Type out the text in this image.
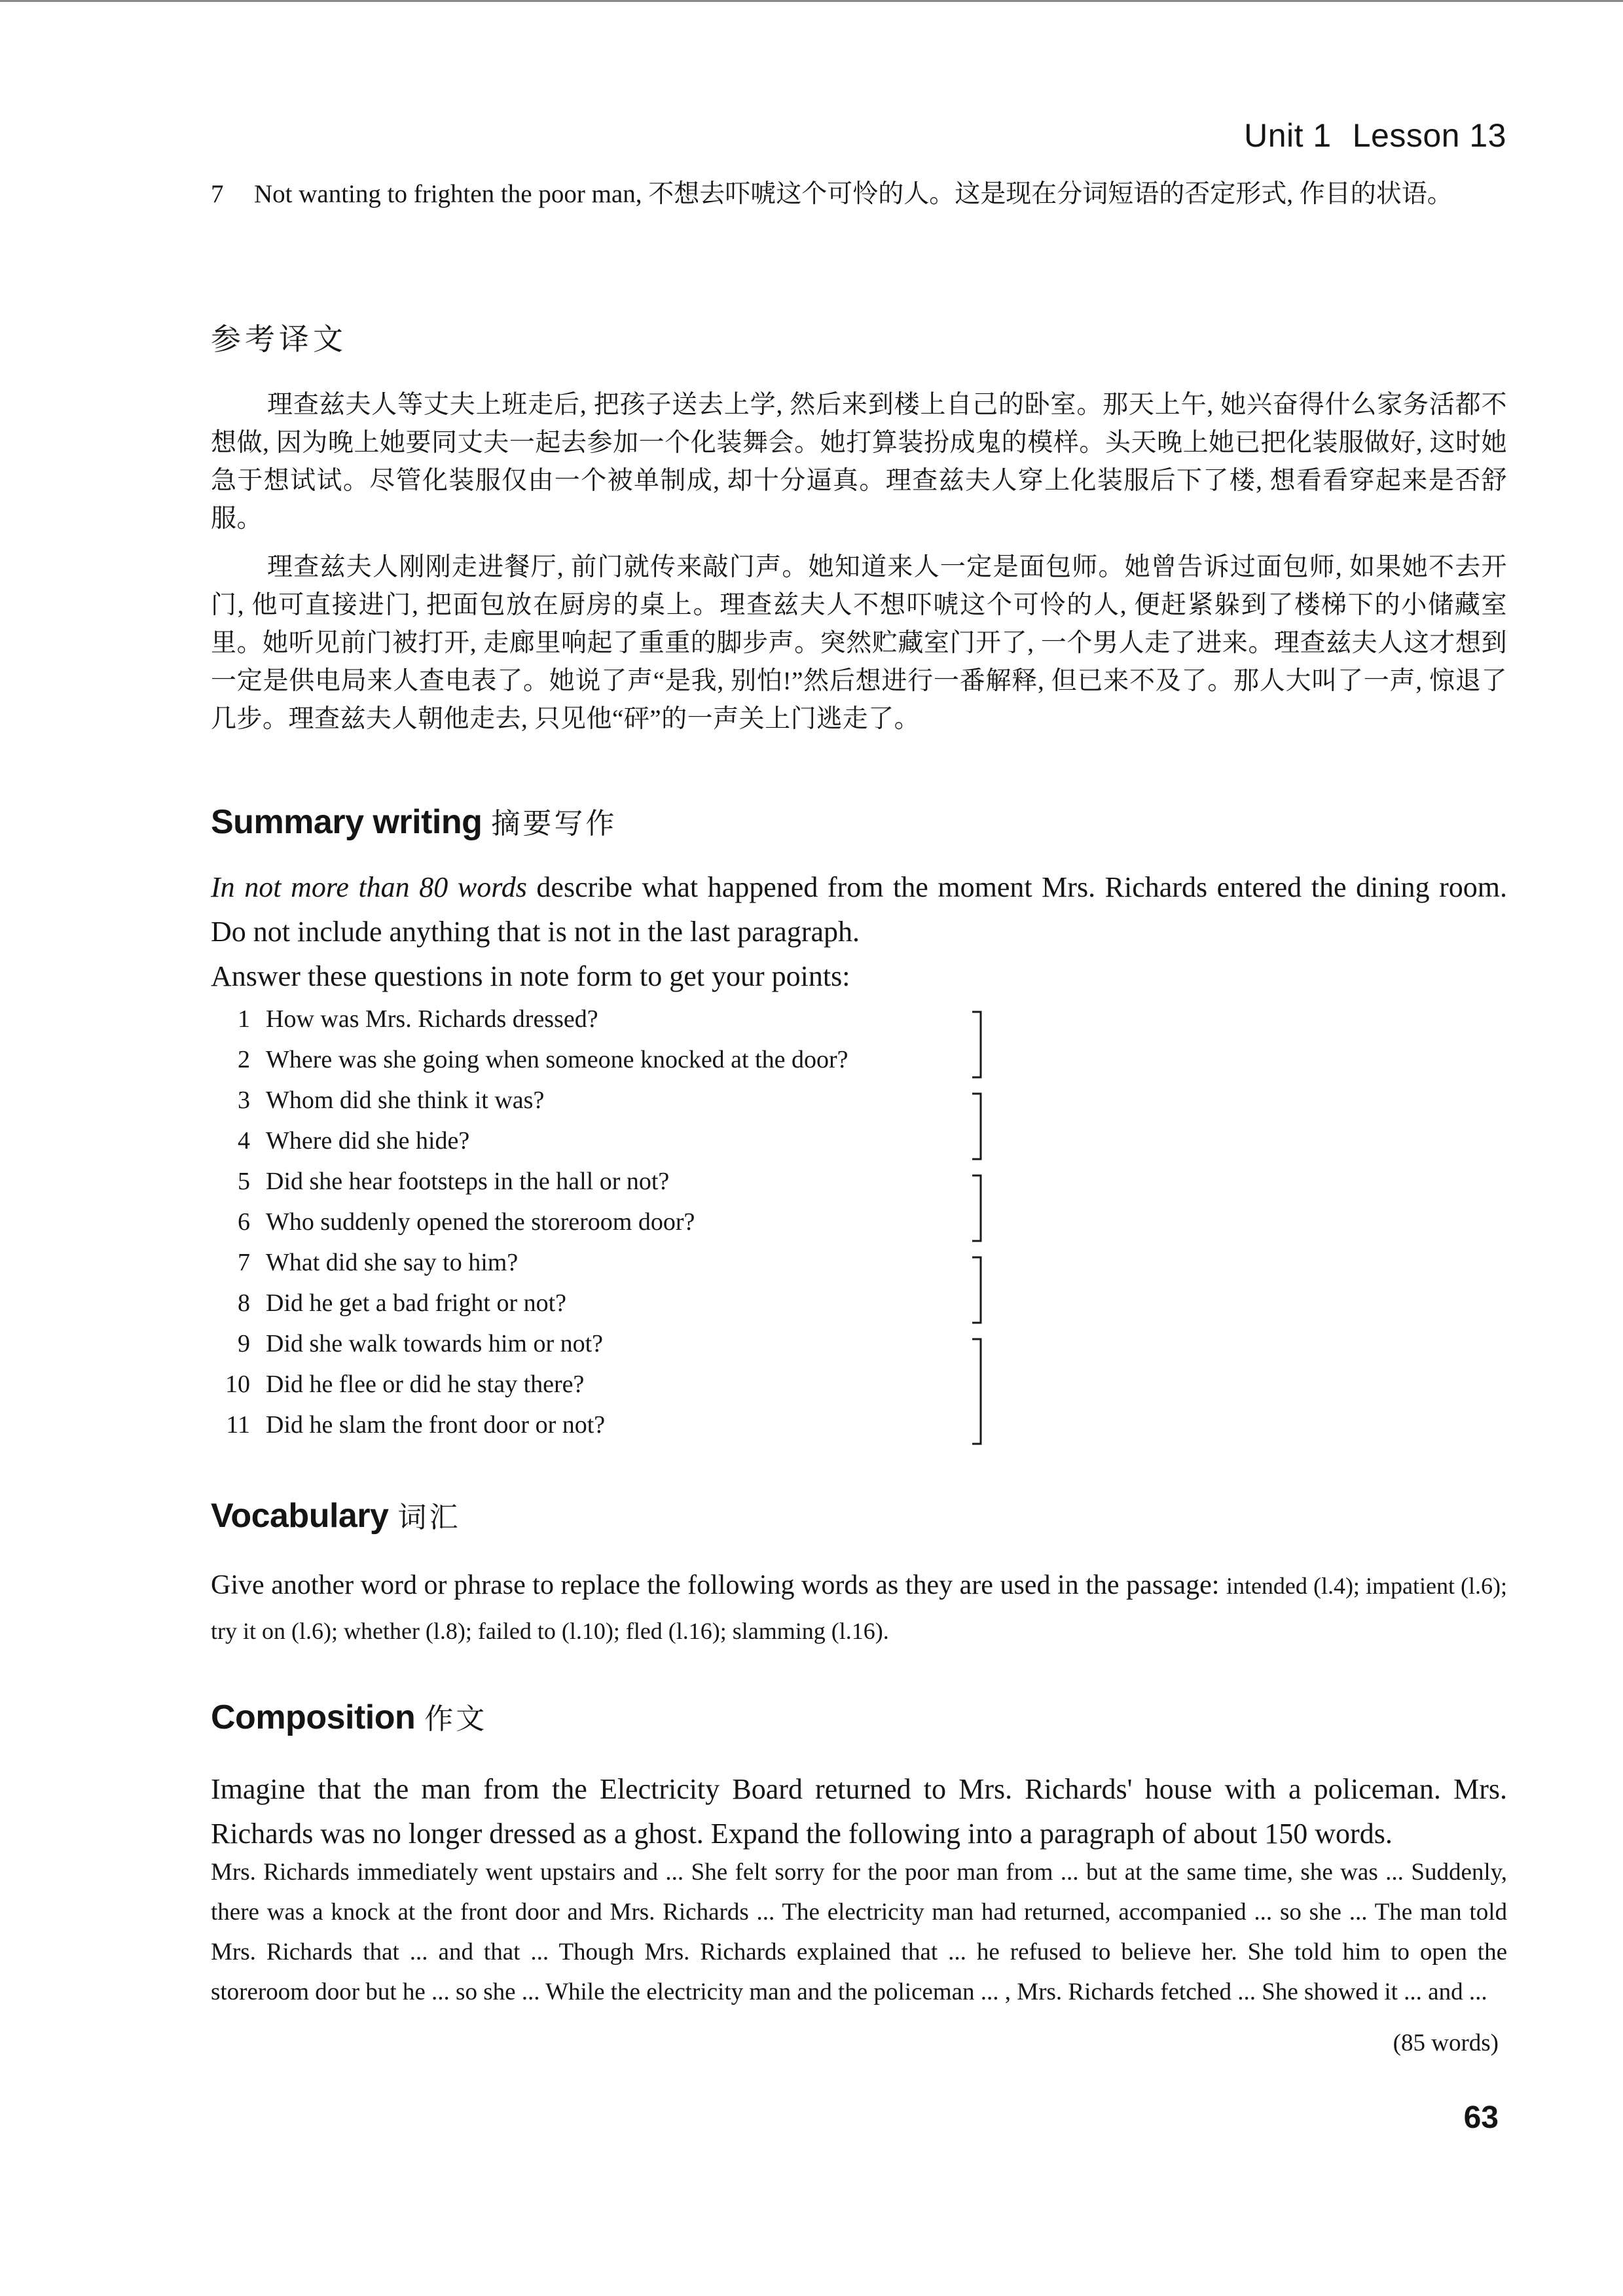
Unit 1 Lesson 13
7	Not wanting to frighten the poor man, 不想去吓唬这个可怜的人。这是现在分词短语的否定形式, 作目的状语。
参考译文
理查兹夫人等丈夫上班走后, 把孩子送去上学, 然后来到楼上自己的卧室。那天上午, 她兴奋得什么家务活都不想做, 因为晚上她要同丈夫一起去参加一个化装舞会。她打算装扮成鬼的模样。头天晚上她已把化装服做好, 这时她急于想试试。尽管化装服仅由一个被单制成, 却十分逼真。理查兹夫人穿上化装服后下了楼, 想看看穿起来是否舒服。
理查兹夫人刚刚走进餐厅, 前门就传来敲门声。她知道来人一定是面包师。她曾告诉过面包师, 如果她不去开门, 他可直接进门, 把面包放在厨房的桌上。理查兹夫人不想吓唬这个可怜的人, 便赶紧躲到了楼梯下的小储藏室里。她听见前门被打开, 走廊里响起了重重的脚步声。突然贮藏室门开了, 一个男人走了进来。理查兹夫人这才想到一定是供电局来人查电表了。她说了声“是我, 别怕!”然后想进行一番解释, 但已来不及了。那人大叫了一声, 惊退了几步。理查兹夫人朝他走去, 只见他“砰”的一声关上门逃走了。
Summary writing 摘要写作
In not more than 80 words describe what happened from the moment Mrs. Richards entered the dining room. Do not include anything that is not in the last paragraph.
Answer these questions in note form to get your points:
1 How was Mrs. Richards dressed?
2 Where was she going when someone knocked at the door?
3 Whom did she think it was?
4 Where did she hide?
5 Did she hear footsteps in the hall or not?
6 Who suddenly opened the storeroom door?
7 What did she say to him?
8 Did he get a bad fright or not?
9 Did she walk towards him or not?
10 Did he flee or did he stay there?
11 Did he slam the front door or not?
Vocabulary 词汇
Give another word or phrase to replace the following words as they are used in the passage: intended (l.4); impatient (l.6); try it on (l.6); whether (l.8); failed to (l.10); fled (l.16); slamming (l.16).
Composition 作文
Imagine that the man from the Electricity Board returned to Mrs. Richards' house with a policeman. Mrs. Richards was no longer dressed as a ghost. Expand the following into a paragraph of about 150 words.
Mrs. Richards immediately went upstairs and ... She felt sorry for the poor man from ... but at the same time, she was ... Suddenly, there was a knock at the front door and Mrs. Richards ... The electricity man had returned, accompanied ... so she ... The man told Mrs. Richards that ... and that ... Though Mrs. Richards explained that ... he refused to believe her. She told him to open the storeroom door but he ... so she ... While the electricity man and the policeman ... , Mrs. Richards fetched ... She showed it ... and ...
(85 words)
63
